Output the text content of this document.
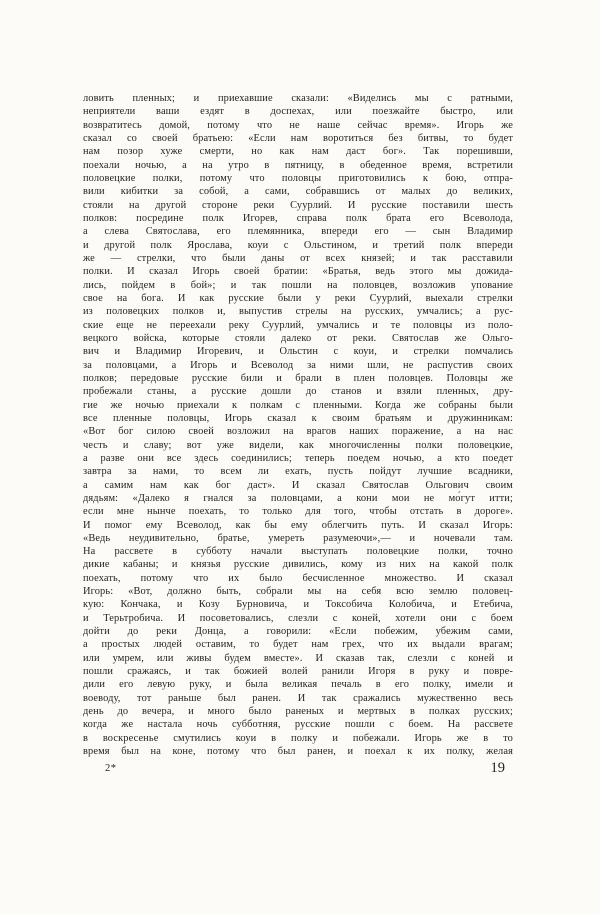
ловить пленных; и приехавшие сказали: «Виделись мы с ратными,
неприятели ваши ездят в доспехах, или поезжайте быстро, или
возвратитесь домой, потому что не наше сейчас время». Игорь же
сказал со своей братьею: «Если нам воротиться без битвы, то будет
нам позор хуже смерти, но как нам даст бог». Так порешивши,
поехали ночью, а на утро в пятницу, в обеденное время, встретили
половецкие полки, потому что половцы приготовились к бою, отпра-
вили кибитки за собой, а сами, собравшись от малых до великих,
стояли на другой стороне реки Суурлий. И русские поставили шесть
полков: посредине полк Игорев, справа полк брата его Всеволода,
а слева Святослава, его племянника, впереди его — сын Владимир
и другой полк Ярослава, коуи с Ольстином, и третий полк впереди
же — стрелки, что были даны от всех князей; и так расставили
полки. И сказал Игорь своей братии: «Братья, ведь этого мы дожида-
лись, пойдем в бой»; и так пошли на половцев, возложив упование
свое на бога. И как русские были у реки Суурлий, выехали стрелки
из половецких полков и, выпустив стрелы на русских, умчались; а рус-
ские еще не переехали реку Суурлий, умчались и те половцы из поло-
вецкого войска, которые стояли далеко от реки. Святослав же Ольго-
вич и Владимир Игоревич, и Ольстин с коуи, и стрелки помчались
за половцами, а Игорь и Всеволод за ними шли, не распустив своих
полков; передовые русские били и брали в плен половцев. Половцы же
пробежали станы, а русские дошли до станов и взяли пленных, дру-
гие же ночью приехали к полкам с пленными. Когда же собраны были
все пленные половцы, Игорь сказал к своим братьям и дружинникам:
«Вот бог силою своей возложил на врагов наших поражение, а на нас
честь и славу; вот уже видели, как многочисленны полки половецкие,
а разве они все здесь соединились; теперь поедем ночью, а кто поедет
завтра за нами, то всем ли ехать, пусть пойдут лучшие всадники,
а самим нам как бог даст». И сказал Святослав Ольгович своим
дядьям: «Далеко я гнался за половцами, а кони мои не мо́гут итти;
если мне нынче поехать, то только для того, чтобы отстать в дороге».
И помог ему Всеволод, как бы ему облегчить путь. И сказал Игорь:
«Ведь неудивительно, братье, умереть разумеючи»,— и ночевали там.
На рассвете в субботу начали выступать половецкие полки, точно
дикие кабаны; и князья русские дивились, кому из них на какой полк
поехать, потому что их было бесчисленное множество. И сказал
Игорь: «Вот, должно быть, собрали мы на себя всю землю половец-
кую: Кончака, и Козу Бурновича, и Токсобича Колобича, и Етебича,
и Терьтробича. И посоветовались, слезли с коней, хотели они с боем
дойти до реки Донца, а говорили: «Если побежим, убежим сами,
а простых людей оставим, то будет нам грех, что их выдали врагам;
или умрем, или живы будем вместе». И сказав так, слезли с коней и
пошли сражаясь, и так божией волей ранили Игоря в руку и повре-
дили его левую руку, и была великая печаль в его полку, имели и
воеводу, тот раньше был ранен. И так сражались мужественно весь
день до вечера, и много было раненых и мертвых в полках русских;
когда же настала ночь субботняя, русские пошли с боем. На рассвете
в воскресенье смутились коуи в полку и побежали. Игорь же в то
время был на коне, потому что был ранен, и поехал к их полку, желая
2*	19
